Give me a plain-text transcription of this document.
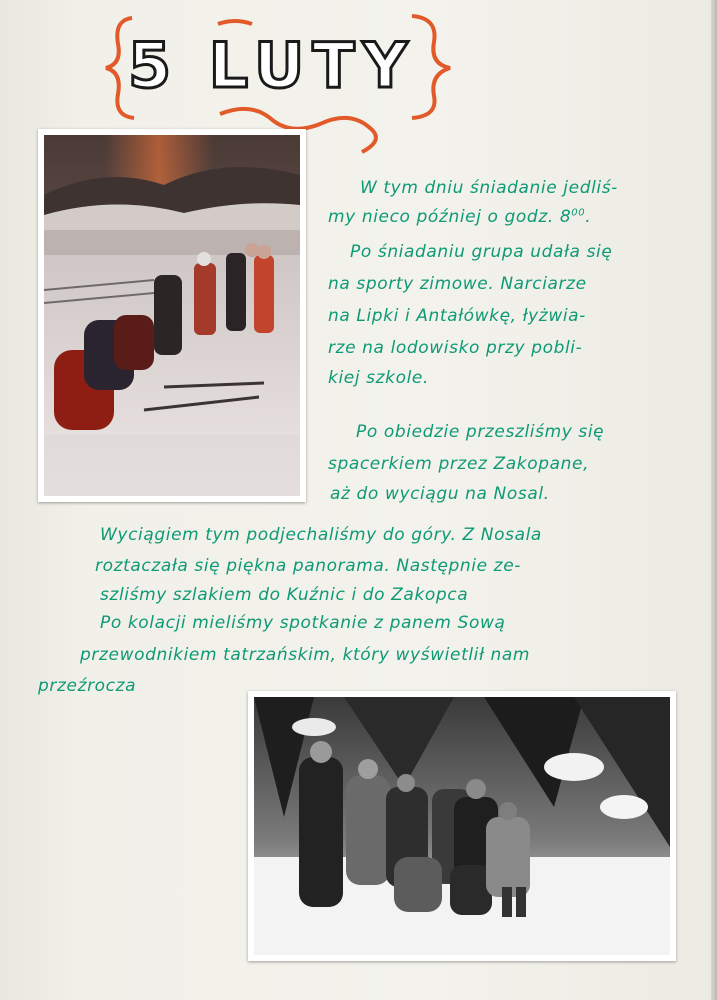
5 LUTY

W tym dniu śniadanie jedliś-

my nieco później o godz. $8^{00}$.

Po śniadaniu grupa udała się

na sporty zimowe. Narciarze

na Lipki i Antałówkę, łyżwia-

rze na lodowisko przy pobli-

kiej szkole.

Po obiedzie przeszliśmy się

spacerkiem przez Zakopane,

aż do wyciągu na Nosal.

Wyciągiem tym podjechaliśmy do góry. Z Nosala

roztaczała się piękna panorama. Następnie ze-

szliśmy szlakiem do Kuźnic i do Zakopca

Po kolacji mieliśmy spotkanie z panem Sową

przewodnikiem tatrzańskim, który wyświetlił nam

przeźrocza
